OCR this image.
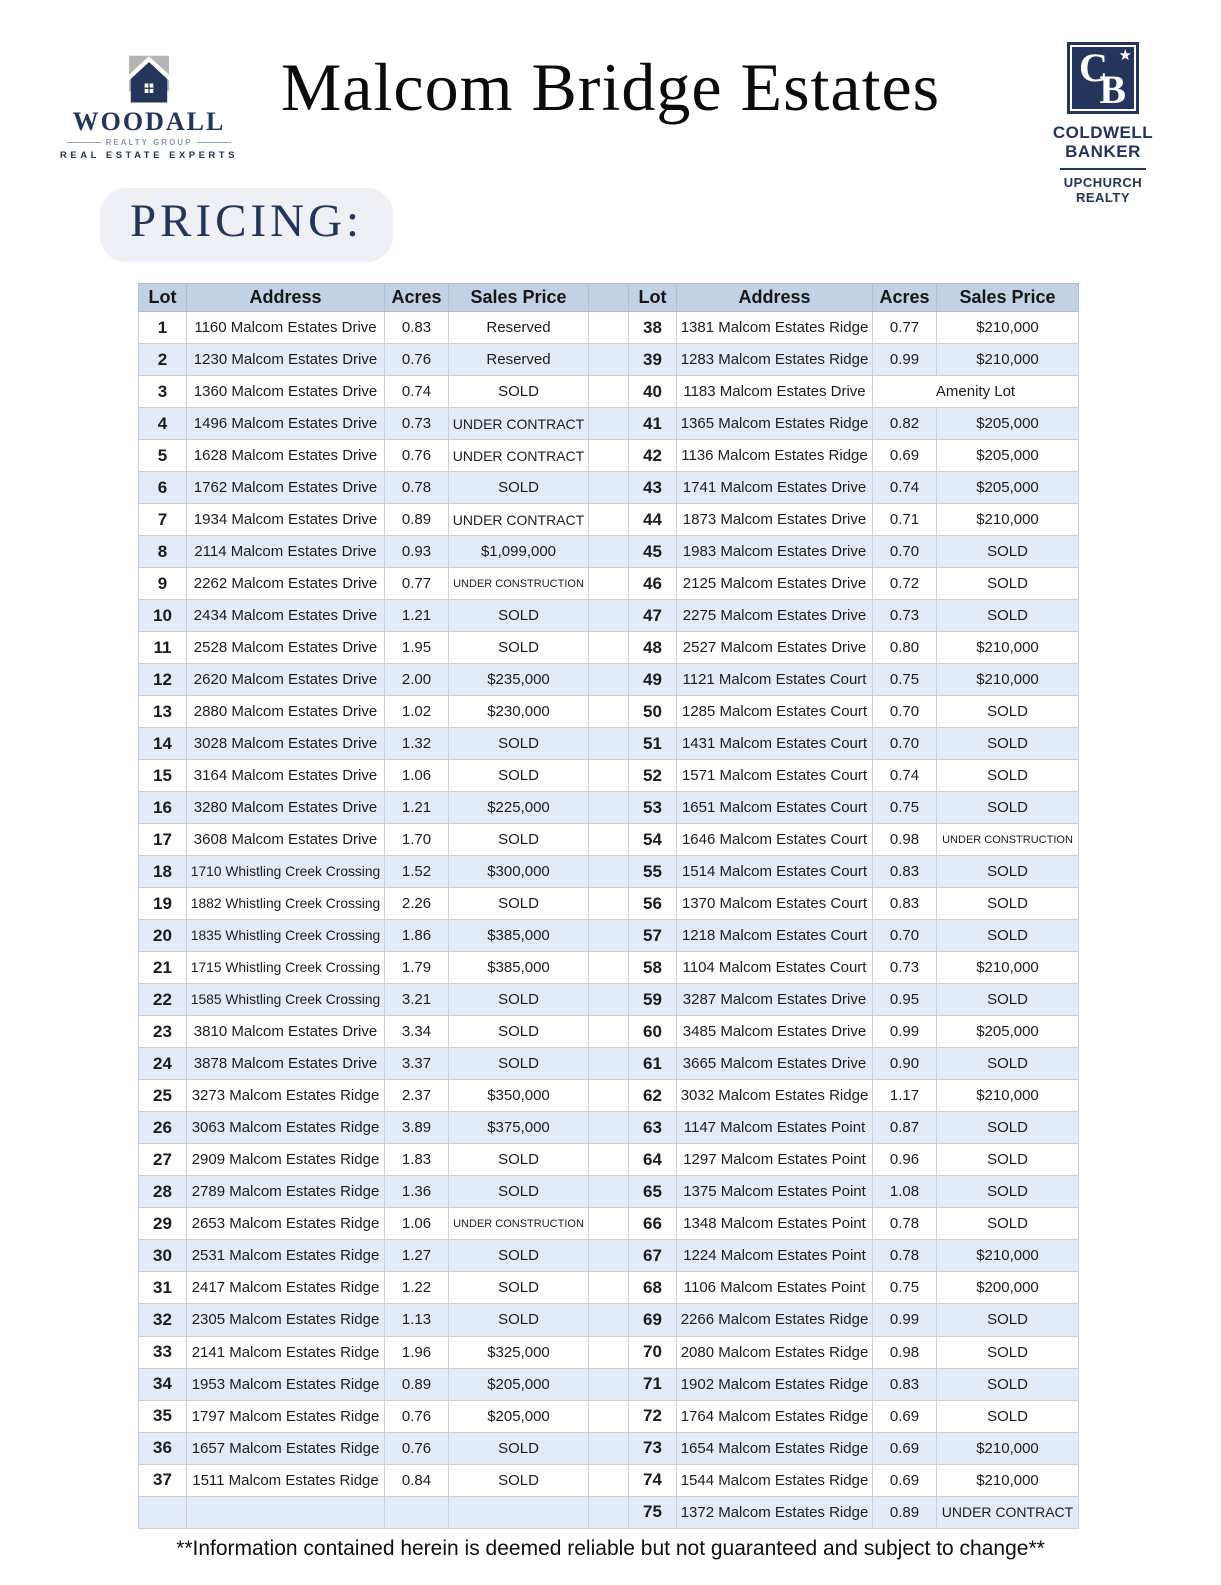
Malcom Bridge Estates
WOODALL
REALTY GROUP
REAL ESTATE EXPERTS
C ★
B
COLDWELL
BANKER
UPCHURCH
REALTY
PRICING:
Lot	Address	Acres	Sales Price		Lot	Address	Acres	Sales Price
1	1160 Malcom Estates Drive	0.83	Reserved		38	1381 Malcom Estates Ridge	0.77	$210,000
2	1230 Malcom Estates Drive	0.76	Reserved		39	1283 Malcom Estates Ridge	0.99	$210,000
3	1360 Malcom Estates Drive	0.74	SOLD		40	1183 Malcom Estates Drive	Amenity Lot	
4	1496 Malcom Estates Drive	0.73	UNDER CONTRACT		41	1365 Malcom Estates Ridge	0.82	$205,000
5	1628 Malcom Estates Drive	0.76	UNDER CONTRACT		42	1136 Malcom Estates Ridge	0.69	$205,000
6	1762 Malcom Estates Drive	0.78	SOLD		43	1741 Malcom Estates Drive	0.74	$205,000
7	1934 Malcom Estates Drive	0.89	UNDER CONTRACT		44	1873 Malcom Estates Drive	0.71	$210,000
8	2114 Malcom Estates Drive	0.93	$1,099,000		45	1983 Malcom Estates Drive	0.70	SOLD
9	2262 Malcom Estates Drive	0.77	UNDER CONSTRUCTION		46	2125 Malcom Estates Drive	0.72	SOLD
10	2434 Malcom Estates Drive	1.21	SOLD		47	2275 Malcom Estates Drive	0.73	SOLD
11	2528 Malcom Estates Drive	1.95	SOLD		48	2527 Malcom Estates Drive	0.80	$210,000
12	2620 Malcom Estates Drive	2.00	$235,000		49	1121 Malcom Estates Court	0.75	$210,000
13	2880 Malcom Estates Drive	1.02	$230,000		50	1285 Malcom Estates Court	0.70	SOLD
14	3028 Malcom Estates Drive	1.32	SOLD		51	1431 Malcom Estates Court	0.70	SOLD
15	3164 Malcom Estates Drive	1.06	SOLD		52	1571 Malcom Estates Court	0.74	SOLD
16	3280 Malcom Estates Drive	1.21	$225,000		53	1651 Malcom Estates Court	0.75	SOLD
17	3608 Malcom Estates Drive	1.70	SOLD		54	1646 Malcom Estates Court	0.98	UNDER CONSTRUCTION
18	1710 Whistling Creek Crossing	1.52	$300,000		55	1514 Malcom Estates Court	0.83	SOLD
19	1882 Whistling Creek Crossing	2.26	SOLD		56	1370 Malcom Estates Court	0.83	SOLD
20	1835 Whistling Creek Crossing	1.86	$385,000		57	1218 Malcom Estates Court	0.70	SOLD
21	1715 Whistling Creek Crossing	1.79	$385,000		58	1104 Malcom Estates Court	0.73	$210,000
22	1585 Whistling Creek Crossing	3.21	SOLD		59	3287 Malcom Estates Drive	0.95	SOLD
23	3810 Malcom Estates Drive	3.34	SOLD		60	3485 Malcom Estates Drive	0.99	$205,000
24	3878 Malcom Estates Drive	3.37	SOLD		61	3665 Malcom Estates Drive	0.90	SOLD
25	3273 Malcom Estates Ridge	2.37	$350,000		62	3032 Malcom Estates Ridge	1.17	$210,000
26	3063 Malcom Estates Ridge	3.89	$375,000		63	1147 Malcom Estates Point	0.87	SOLD
27	2909 Malcom Estates Ridge	1.83	SOLD		64	1297 Malcom Estates Point	0.96	SOLD
28	2789 Malcom Estates Ridge	1.36	SOLD		65	1375 Malcom Estates Point	1.08	SOLD
29	2653 Malcom Estates Ridge	1.06	UNDER CONSTRUCTION		66	1348 Malcom Estates Point	0.78	SOLD
30	2531 Malcom Estates Ridge	1.27	SOLD		67	1224 Malcom Estates Point	0.78	$210,000
31	2417 Malcom Estates Ridge	1.22	SOLD		68	1106 Malcom Estates Point	0.75	$200,000
32	2305 Malcom Estates Ridge	1.13	SOLD		69	2266 Malcom Estates Ridge	0.99	SOLD
33	2141 Malcom Estates Ridge	1.96	$325,000		70	2080 Malcom Estates Ridge	0.98	SOLD
34	1953 Malcom Estates Ridge	0.89	$205,000		71	1902 Malcom Estates Ridge	0.83	SOLD
35	1797 Malcom Estates Ridge	0.76	$205,000		72	1764 Malcom Estates Ridge	0.69	SOLD
36	1657 Malcom Estates Ridge	0.76	SOLD		73	1654 Malcom Estates Ridge	0.69	$210,000
37	1511 Malcom Estates Ridge	0.84	SOLD		74	1544 Malcom Estates Ridge	0.69	$210,000
					75	1372 Malcom Estates Ridge	0.89	UNDER CONTRACT
**Information contained herein is deemed reliable but not guaranteed and subject to change**
